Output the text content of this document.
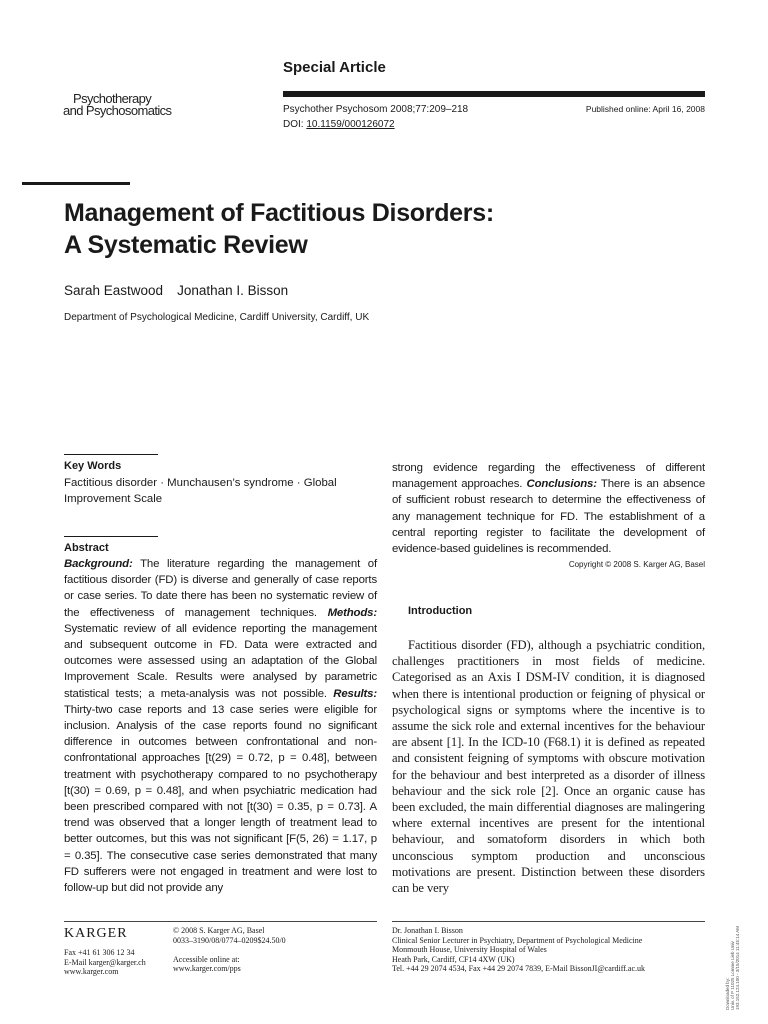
Psychotherapy
and Psychosomatics
Special Article
Psychother Psychosom 2008;77:209–218
DOI: 10.1159/000126072
Published online: April 16, 2008
Management of Factitious Disorders:
A Systematic Review
Sarah Eastwood Jonathan I. Bisson
Department of Psychological Medicine, Cardiff University, Cardiff, UK
Key Words
Factitious disorder · Munchausen’s syndrome · Global
Improvement Scale
Abstract
Background: The literature regarding the management of factitious disorder (FD) is diverse and generally of case reports or case series. To date there has been no systematic review of the effectiveness of management techniques. Methods: Systematic review of all evidence reporting the management and subsequent outcome in FD. Data were extracted and outcomes were assessed using an adaptation of the Global Improvement Scale. Results were analysed by parametric statistical tests; a meta-analysis was not possible. Results: Thirty-two case reports and 13 case series were eligible for inclusion. Analysis of the case reports found no significant difference in outcomes between confrontational and non-confrontational approaches [t(29) = 0.72, p = 0.48], between treatment with psychotherapy compared to no psychotherapy [t(30) = 0.69, p = 0.48], and when psychiatric medication had been prescribed compared with not [t(30) = 0.35, p = 0.73]. A trend was observed that a longer length of treatment lead to better outcomes, but this was not significant [F(5, 26) = 1.17, p = 0.35]. The consecutive case series demonstrated that many FD sufferers were not engaged in treatment and were lost to follow-up but did not provide any
strong evidence regarding the effectiveness of different management approaches. Conclusions: There is an absence of sufficient robust research to determine the effectiveness of any management technique for FD. The establishment of a central reporting register to facilitate the development of evidence-based guidelines is recommended.
Copyright © 2008 S. Karger AG, Basel
Introduction
Factitious disorder (FD), although a psychiatric condition, challenges practitioners in most fields of medicine. Categorised as an Axis I DSM-IV condition, it is diagnosed when there is intentional production or feigning of physical or psychological signs or symptoms where the incentive is to assume the sick role and external incentives for the behaviour are absent [1]. In the ICD-10 (F68.1) it is defined as repeated and consistent feigning of symptoms with obscure motivation for the behaviour and best interpreted as a disorder of illness behaviour and the sick role [2]. Once an organic cause has been excluded, the main differential diagnoses are malingering where external incentives are present for the intentional behaviour, and somatoform disorders in which both unconscious symptom production and unconscious motivations are present. Distinction between these disorders can be very
KARGER
Fax +41 61 306 12 34
E-Mail karger@karger.ch
www.karger.com
© 2008 S. Karger AG, Basel
0033–3190/08/0774–0209$24.50/0
Accessible online at:
www.karger.com/pps
Dr. Jonathan I. Bisson
Clinical Senior Lecturer in Psychiatry, Department of Psychological Medicine
Monmouth House, University Hospital of Wales
Heath Park, Cardiff, CF14 4XW (UK)
Tel. +44 29 2074 4534, Fax +44 29 2074 7839, E-Mail BissonJI@cardiff.ac.uk
Downloaded by: Univ. of P 11025 Lomme Lieb Univ 193.152.124.100 - 3/15/2014 11:45:14 AM
